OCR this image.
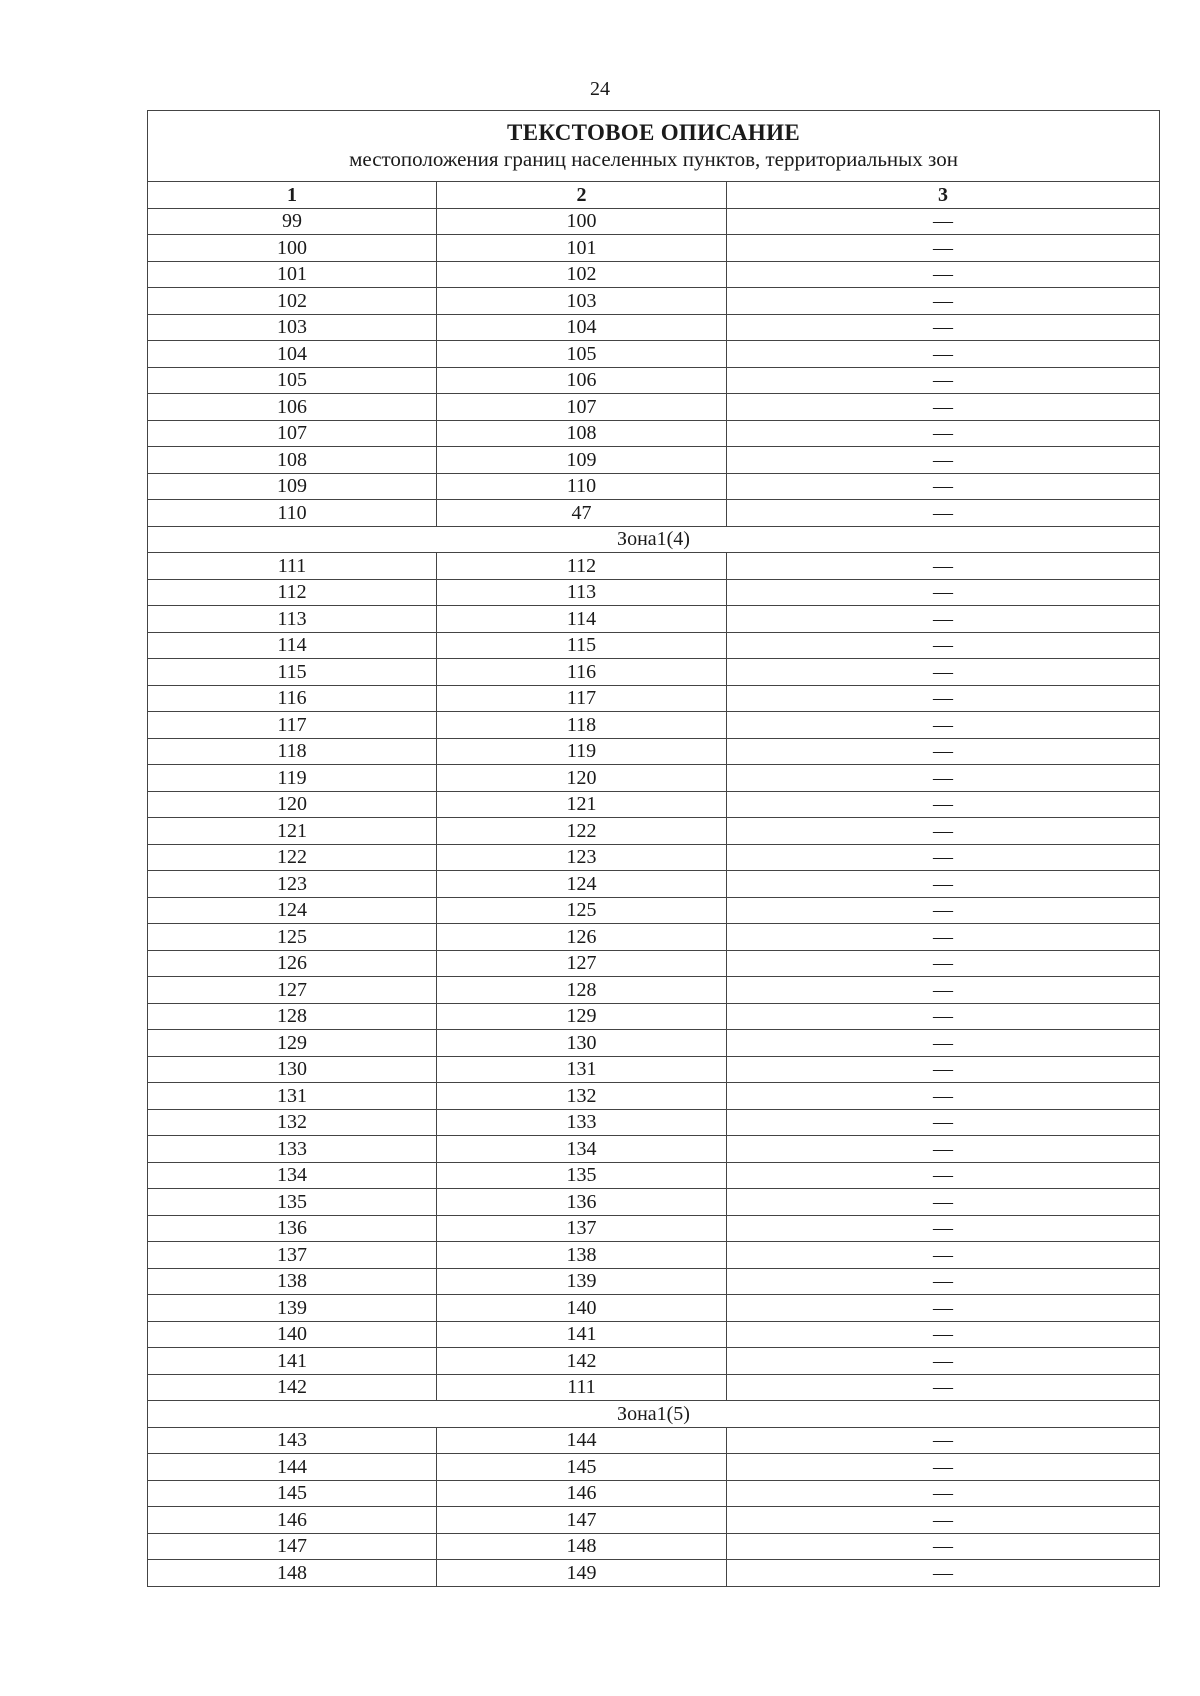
24
ТЕКСТОВОЕ ОПИСАНИЕ
местоположения границ населенных пунктов, территориальных зон		

1	2	3
99	100	—
100	101	—
101	102	—
102	103	—
103	104	—
104	105	—
105	106	—
106	107	—
107	108	—
108	109	—
109	110	—
110	47	—
Зона1(4)		
111	112	—
112	113	—
113	114	—
114	115	—
115	116	—
116	117	—
117	118	—
118	119	—
119	120	—
120	121	—
121	122	—
122	123	—
123	124	—
124	125	—
125	126	—
126	127	—
127	128	—
128	129	—
129	130	—
130	131	—
131	132	—
132	133	—
133	134	—
134	135	—
135	136	—
136	137	—
137	138	—
138	139	—
139	140	—
140	141	—
141	142	—
142	111	—
Зона1(5)		
143	144	—
144	145	—
145	146	—
146	147	—
147	148	—
148	149	—
